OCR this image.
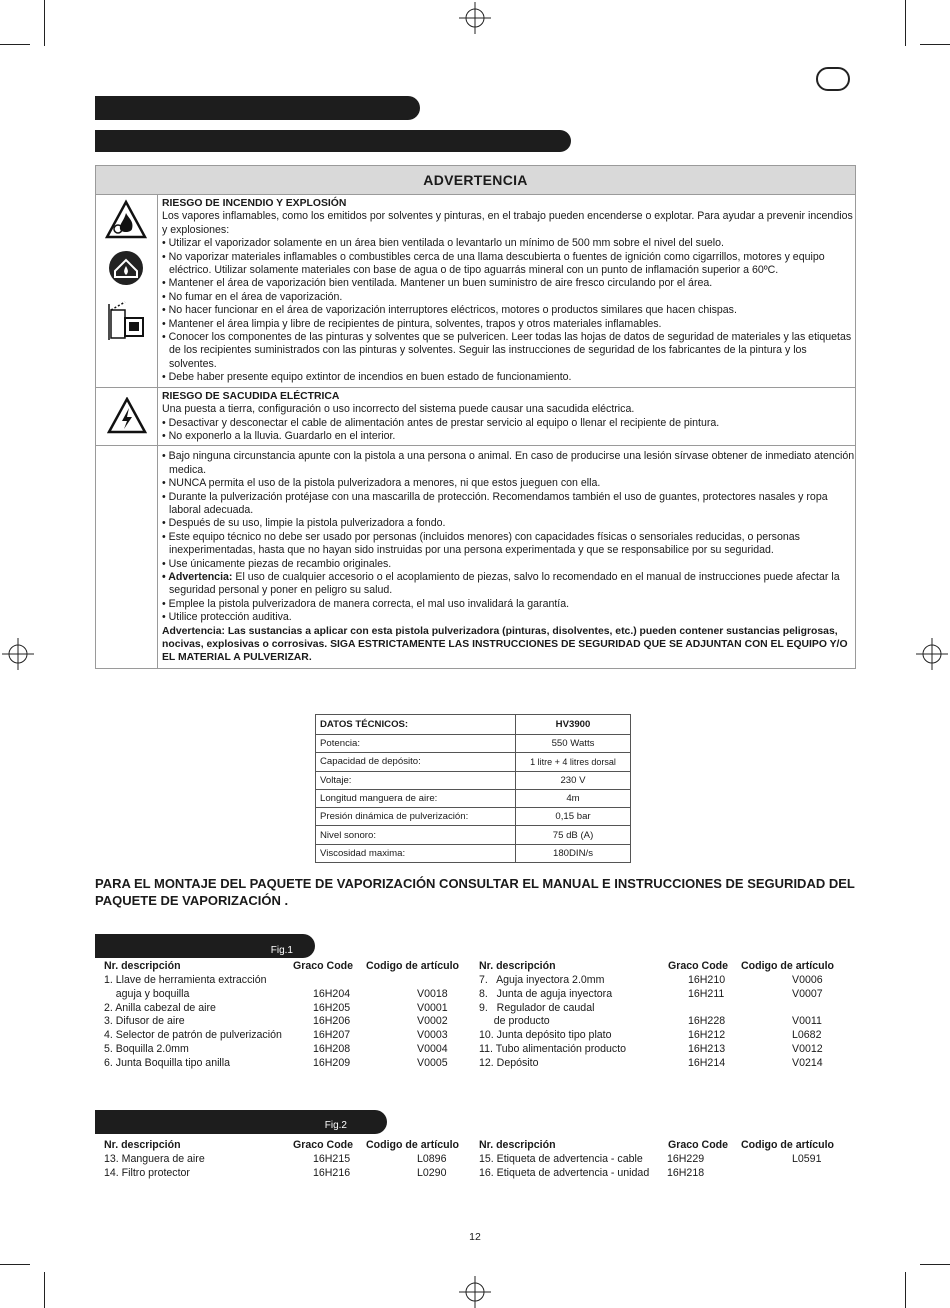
ADVERTENCIA
RIESGO DE INCENDIO Y EXPLOSIÓN
Los vapores inflamables, como los emitidos por solventes y pinturas, en el trabajo pueden encenderse o explotar. Para ayudar a prevenir incendios y explosiones:
• Utilizar el vaporizador solamente en un área bien ventilada o levantarlo un mínimo de 500 mm sobre el nivel del suelo.
• No vaporizar materiales inflamables o combustibles cerca de una llama descubierta o fuentes de ignición como cigarrillos, motores y equipo eléctrico. Utilizar solamente materiales con base de agua o de tipo aguarrás mineral con un punto de inflamación superior a 60ºC.
• Mantener el área de vaporización bien ventilada. Mantener un buen suministro de aire fresco circulando por el área.
• No fumar en el área de vaporización.
• No hacer funcionar en el área de vaporización interruptores eléctricos, motores o productos similares que hacen chispas.
• Mantener el área limpia y libre de recipientes de pintura, solventes, trapos y otros materiales inflamables.
• Conocer los componentes de las pinturas y solventes que se pulvericen. Leer todas las hojas de datos de seguridad de materiales y las etiquetas de los recipientes suministrados con las pinturas y solventes. Seguir las instrucciones de seguridad de los fabricantes de la pintura y los solventes.
• Debe haber presente equipo extintor de incendios en buen estado de funcionamiento.
RIESGO DE SACUDIDA ELÉCTRICA
Una puesta a tierra, configuración o uso incorrecto del sistema puede causar una sacudida eléctrica.
• Desactivar y desconectar el cable de alimentación antes de prestar servicio al equipo o llenar el recipiente de pintura.
• No exponerlo a la lluvia. Guardarlo en el interior.
• Bajo ninguna circunstancia apunte con la pistola a una persona o animal. En caso de producirse una lesión sírvase obtener de inmediato atención medica.
• NUNCA permita el uso de la pistola pulverizadora a menores, ni que estos jueguen con ella.
• Durante la pulverización protéjase con una mascarilla de protección. Recomendamos también el uso de guantes, protectores nasales y ropa laboral adecuada.
• Después de su uso, limpie la pistola pulverizadora a fondo.
• Este equipo técnico no debe ser usado por personas (incluidos menores) con capacidades físicas o sensoriales reducidas, o personas inexperimentadas, hasta que no hayan sido instruidas por una persona experimentada y que se responsabilice por su seguridad.
• Use únicamente piezas de recambio originales.
• Advertencia: El uso de cualquier accesorio o el acoplamiento de piezas, salvo lo recomendado en el manual de instrucciones puede afectar la seguridad personal y poner en peligro su salud.
• Emplee la pistola pulverizadora de manera correcta, el mal uso invalidará la garantía.
• Utilice protección auditiva.
Advertencia: Las sustancias a aplicar con esta pistola pulverizadora (pinturas, disolventes, etc.) pueden contener sustancias peligrosas, nocivas, explosivas o corrosivas. SIGA ESTRICTAMENTE LAS INSTRUCCIONES DE SEGURIDAD QUE SE ADJUNTAN CON EL EQUIPO Y/O EL MATERIAL A PULVERIZAR.
DATOS TÉCNICOS:	HV3900
Potencia:	550 Watts
Capacidad de depósito:	1 litre + 4 litres dorsal
Voltaje:	230 V
Longitud manguera de aire:	4m
Presión dinámica de pulverización:	0,15 bar
Nivel sonoro:	75 dB (A)
Viscosidad maxima:	180DIN/s
PARA EL MONTAJE DEL PAQUETE DE VAPORIZACIÓN CONSULTAR EL MANUAL E INSTRUCCIONES DE SEGURIDAD DEL PAQUETE DE VAPORIZACIÓN .
Fig.1
Nr. descripción	Graco Code Codigo de artículo
1. Llave de herramienta extracción
aguja y boquilla	16H204	V0018
2. Anilla cabezal de aire	16H205	V0001
3. Difusor de aire	16H206	V0002
4. Selector de patrón de pulverización	16H207	V0003
5. Boquilla 2.0mm	16H208	V0004
6. Junta Boquilla tipo anilla	16H209	V0005
Nr. descripción	Graco Code Codigo de artículo
7.   Aguja inyectora 2.0mm	16H210	V0006
8.   Junta de aguja inyectora	16H211	V0007
9.   Regulador de caudal
de producto	16H228	V0011
10. Junta depósito tipo plato	16H212	L0682
11. Tubo alimentación producto	16H213	V0012
12. Depósito	16H214	V0214
Fig.2
Nr. descripción	Graco Code Codigo de artículo
13. Manguera de aire	16H215	L0896
14. Filtro protector	16H216	L0290
Nr. descripción	Graco Code Codigo de artículo
15. Etiqueta de advertencia - cable 16H229	L0591
16. Etiqueta de advertencia - unidad 16H218
12
